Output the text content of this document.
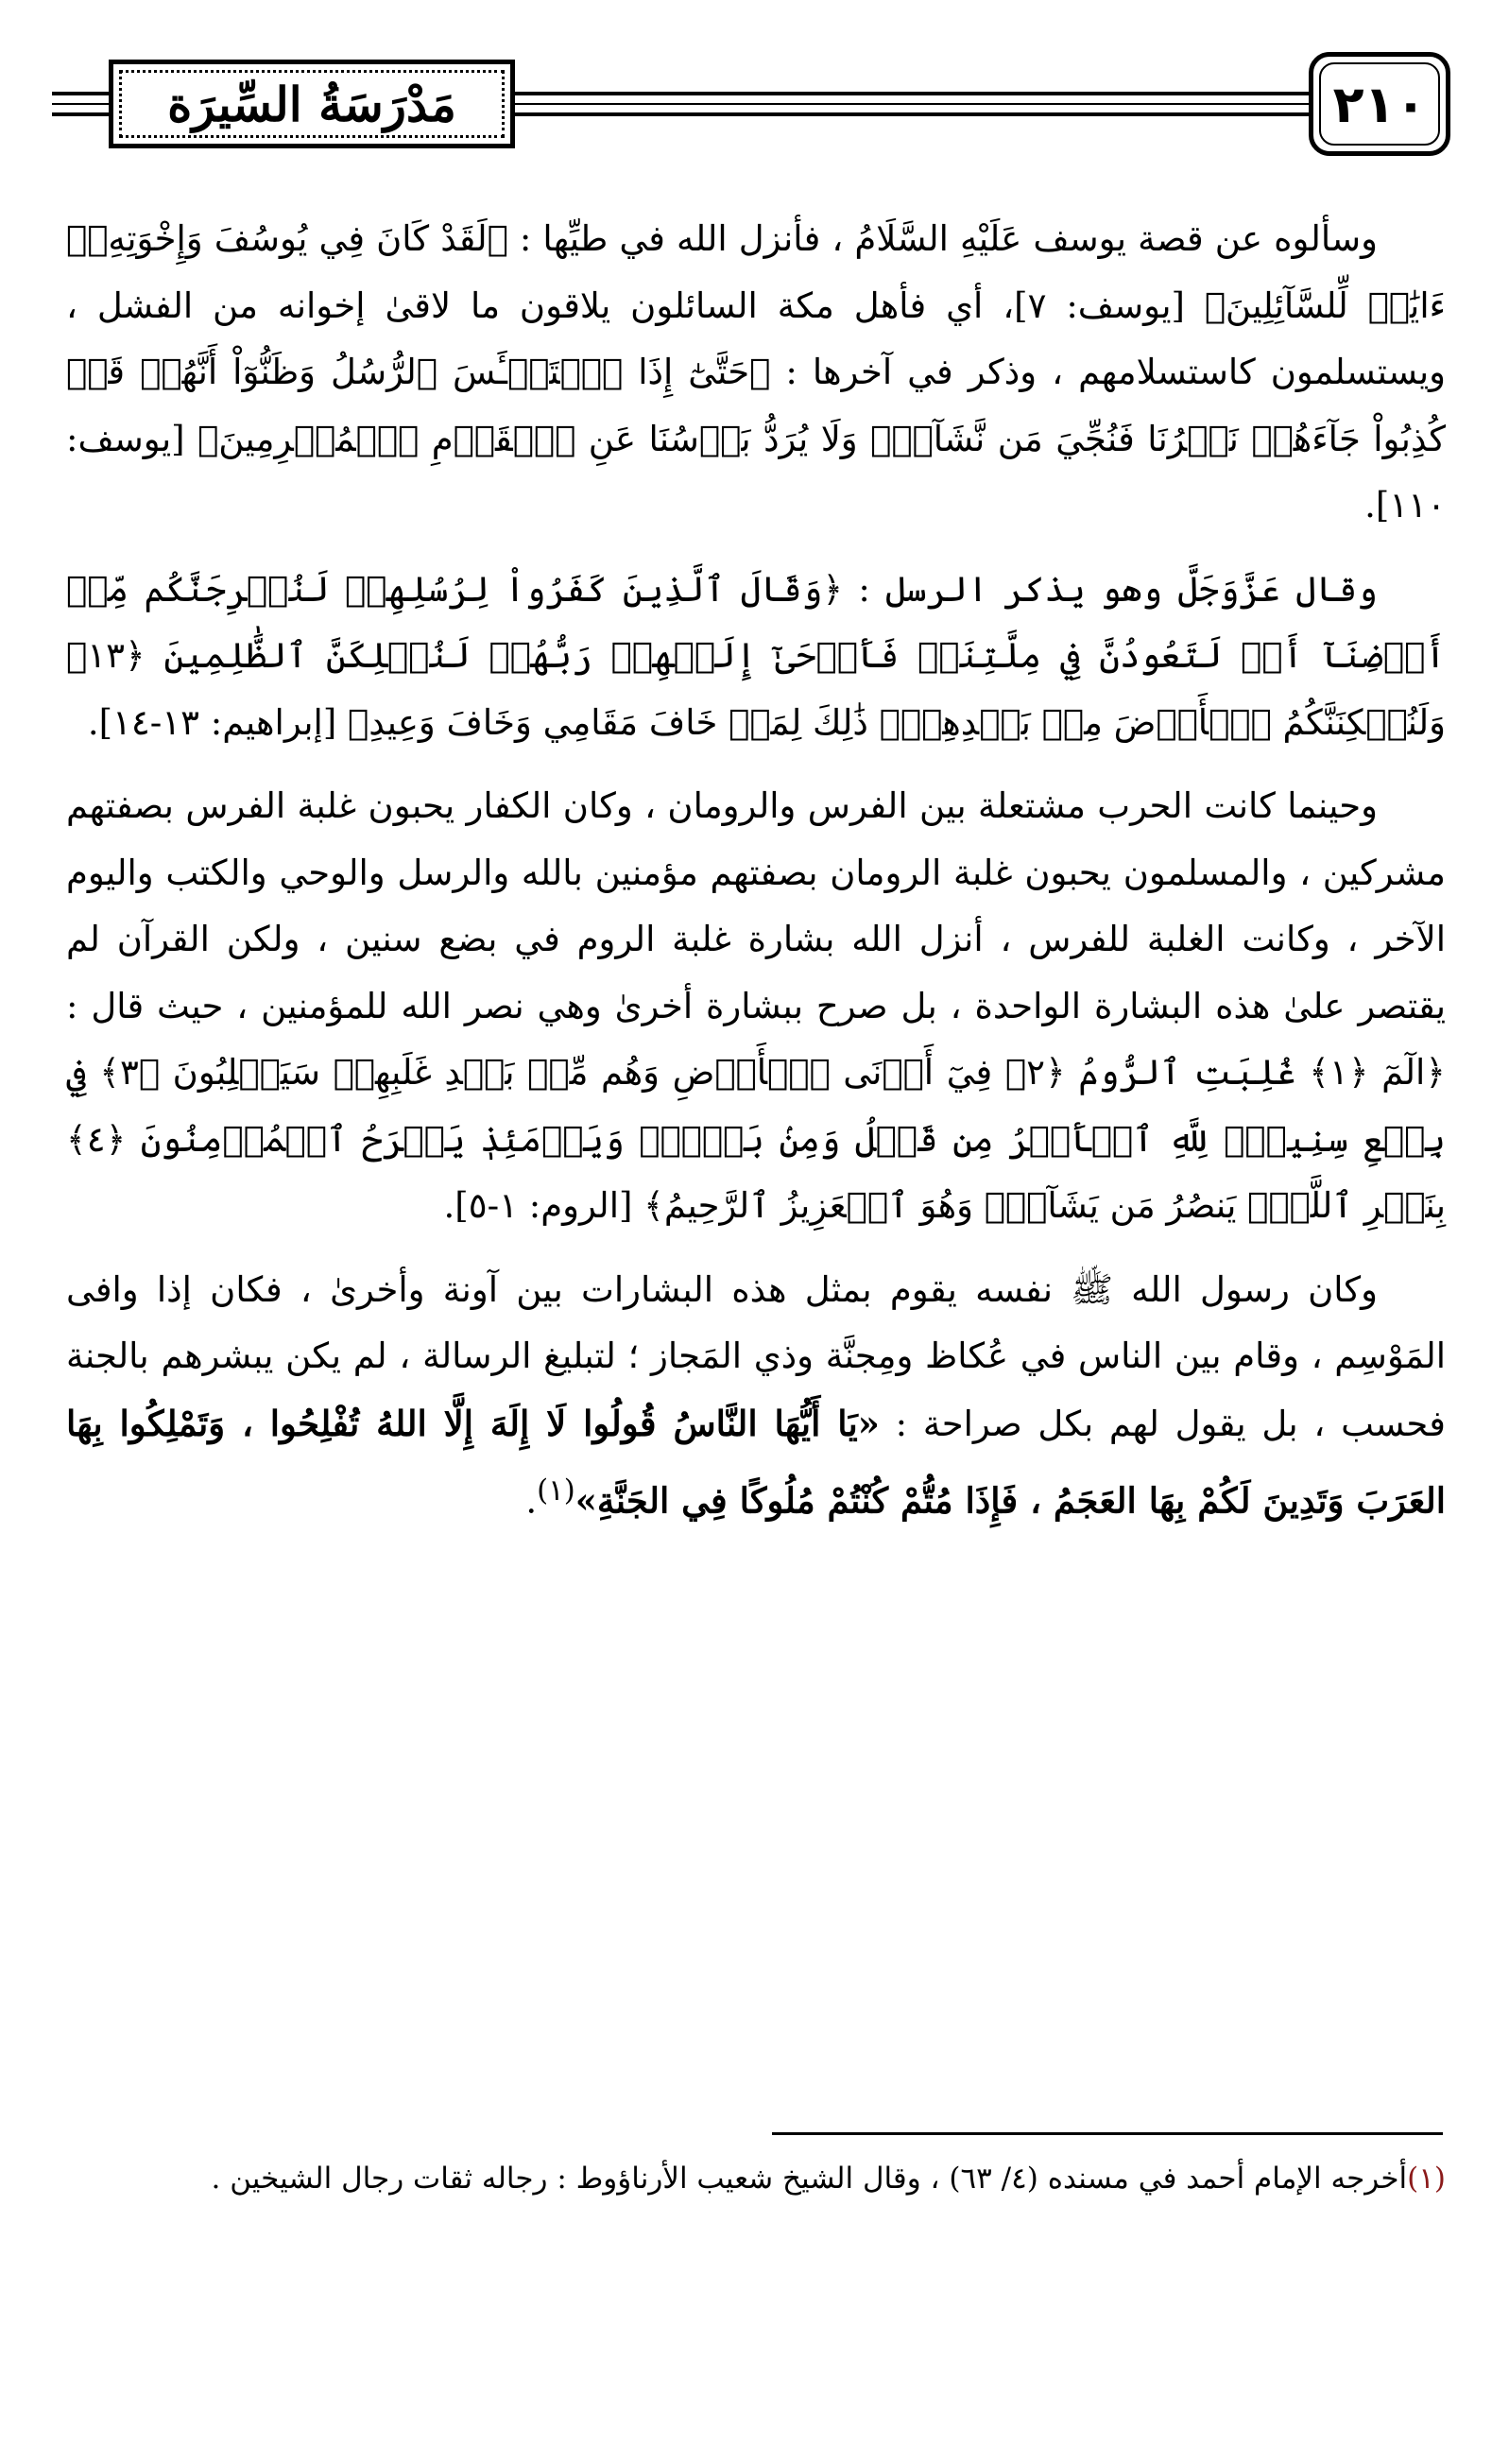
٢١٠
مَدْرَسَةُ السِّيرَة

وسألوه عن قصة يوسف عَلَيْهِ السَّلَامُ ، فأنزل الله في طيِّها : ﴿لَقَدْ كَانَ فِي يُوسُفَ وَإِخْوَتِهِۦٓ ءَايَٰتٞ لِّلسَّآئِلِينَ﴾ [يوسف: ٧]، أي فأهل مكة السائلون يلاقون ما لاقىٰ إخوانه من الفشل ، ويستسلمون كاستسلامهم ، وذكر في آخرها : ﴿حَتَّىٰٓ إِذَا ٱسۡتَيۡـَٔسَ ٱلرُّسُلُ وَظَنُّوٓاْ أَنَّهُمۡ قَدۡ كُذِبُواْ جَآءَهُمۡ نَصۡرُنَا فَنُجِّيَ مَن نَّشَآءُۖ وَلَا يُرَدُّ بَأۡسُنَا عَنِ ٱلۡقَوۡمِ ٱلۡمُجۡرِمِينَ﴾ [يوسف: ١١٠].

وقال عَزَّوَجَلَّ وهو يذكر الرسل : ﴿وَقَالَ ٱلَّذِينَ كَفَرُواْ لِرُسُلِهِمۡ لَنُخۡرِجَنَّكُم مِّنۡ أَرۡضِنَآ أَوۡ لَتَعُودُنَّ فِي مِلَّتِنَاۖ فَأَوۡحَىٰٓ إِلَيۡهِمۡ رَبُّهُمۡ لَنُهۡلِكَنَّ ٱلظَّٰلِمِينَ ﴿١٣﴾ وَلَنُسۡكِنَنَّكُمُ ٱلۡأَرۡضَ مِنۢ بَعۡدِهِمۡۚ ذَٰلِكَ لِمَنۡ خَافَ مَقَامِي وَخَافَ وَعِيدِ﴾ [إبراهيم: ١٣-١٤].

وحينما كانت الحرب مشتعلة بين الفرس والرومان ، وكان الكفار يحبون غلبة الفرس بصفتهم مشركين ، والمسلمون يحبون غلبة الرومان بصفتهم مؤمنين بالله والرسل والوحي والكتب واليوم الآخر ، وكانت الغلبة للفرس ، أنزل الله بشارة غلبة الروم في بضع سنين ، ولكن القرآن لم يقتصر علىٰ هذه البشارة الواحدة ، بل صرح ببشارة أخرىٰ وهي نصر الله للمؤمنين ، حيث قال : ﴿الٓمٓ ﴿١﴾ غُلِبَتِ ٱلرُّومُ ﴿٢﴾ فِيٓ أَدۡنَى ٱلۡأَرۡضِ وَهُم مِّنۢ بَعۡدِ غَلَبِهِمۡ سَيَغۡلِبُونَ ﴿٣﴾ فِي بِضۡعِ سِنِينَۗ لِلَّهِ ٱلۡأَمۡرُ مِن قَبۡلُ وَمِنۢ بَعۡدُۚ وَيَوۡمَئِذٖ يَفۡرَحُ ٱلۡمُؤۡمِنُونَ ﴿٤﴾ بِنَصۡرِ ٱللَّهِۚ يَنصُرُ مَن يَشَآءُۖ وَهُوَ ٱلۡعَزِيزُ ٱلرَّحِيمُ﴾ [الروم: ١-٥].

وكان رسول الله ﷺ نفسه يقوم بمثل هذه البشارات بين آونة وأخرىٰ ، فكان إذا وافى المَوْسِم ، وقام بين الناس في عُكاظ ومِجنَّة وذي المَجاز ؛ لتبليغ الرسالة ، لم يكن يبشرهم بالجنة فحسب ، بل يقول لهم بكل صراحة : «يَا أَيُّهَا النَّاسُ قُولُوا لَا إِلَهَ إِلَّا اللهُ تُفْلِحُوا ، وَتَمْلِكُوا بِهَا العَرَبَ وَتَدِينَ لَكُمْ بِهَا العَجَمُ ، فَإِذَا مُتُّمْ كُنْتُمْ مُلُوكًا فِي الجَنَّةِ»$^{(١)}$.

(١)أخرجه الإمام أحمد في مسنده (٤/ ٦٣) ، وقال الشيخ شعيب الأرناؤوط : رجاله ثقات رجال الشيخين .
